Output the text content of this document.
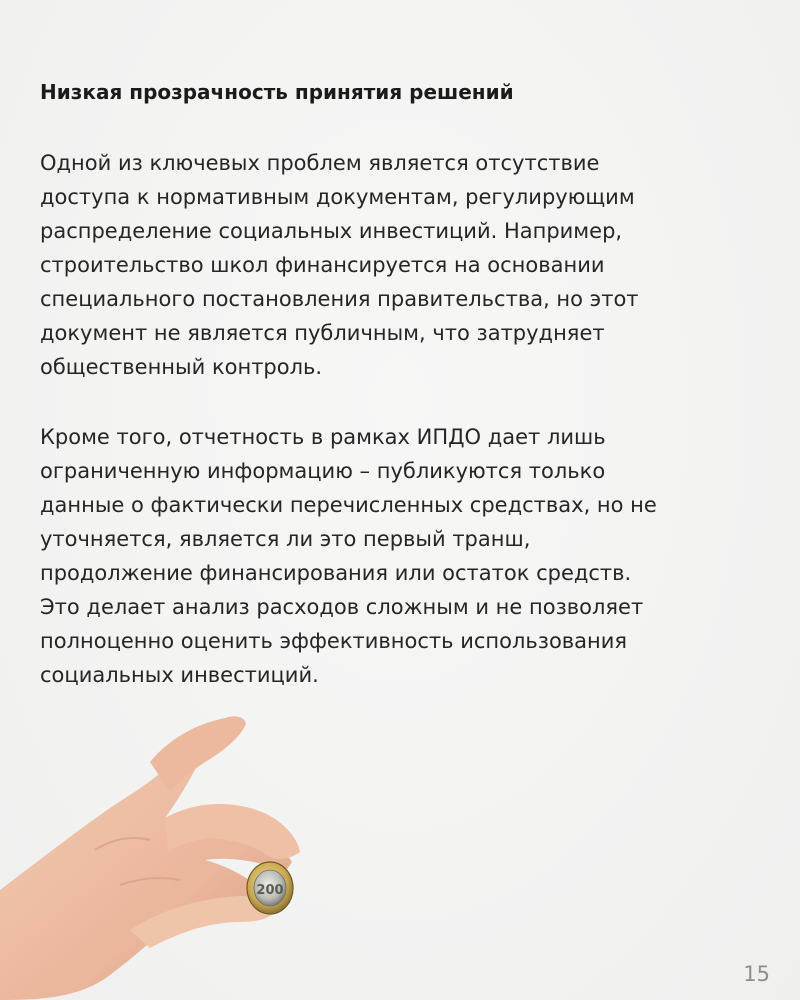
Низкая прозрачность принятия решений

Одной из ключевых проблем является отсутствие
доступа к нормативным документам, регулирующим
распределение социальных инвестиций. Например,
строительство школ финансируется на основании
специального постановления правительства, но этот
документ не является публичным, что затрудняет
общественный контроль.

Кроме того, отчетность в рамках ИПДО дает лишь
ограниченную информацию – публикуются только
данные о фактически перечисленных средствах, но не
уточняется, является ли это первый транш,
продолжение финансирования или остаток средств.
Это делает анализ расходов сложным и не позволяет
полноценно оценить эффективность использования
социальных инвестиций.

200
15
